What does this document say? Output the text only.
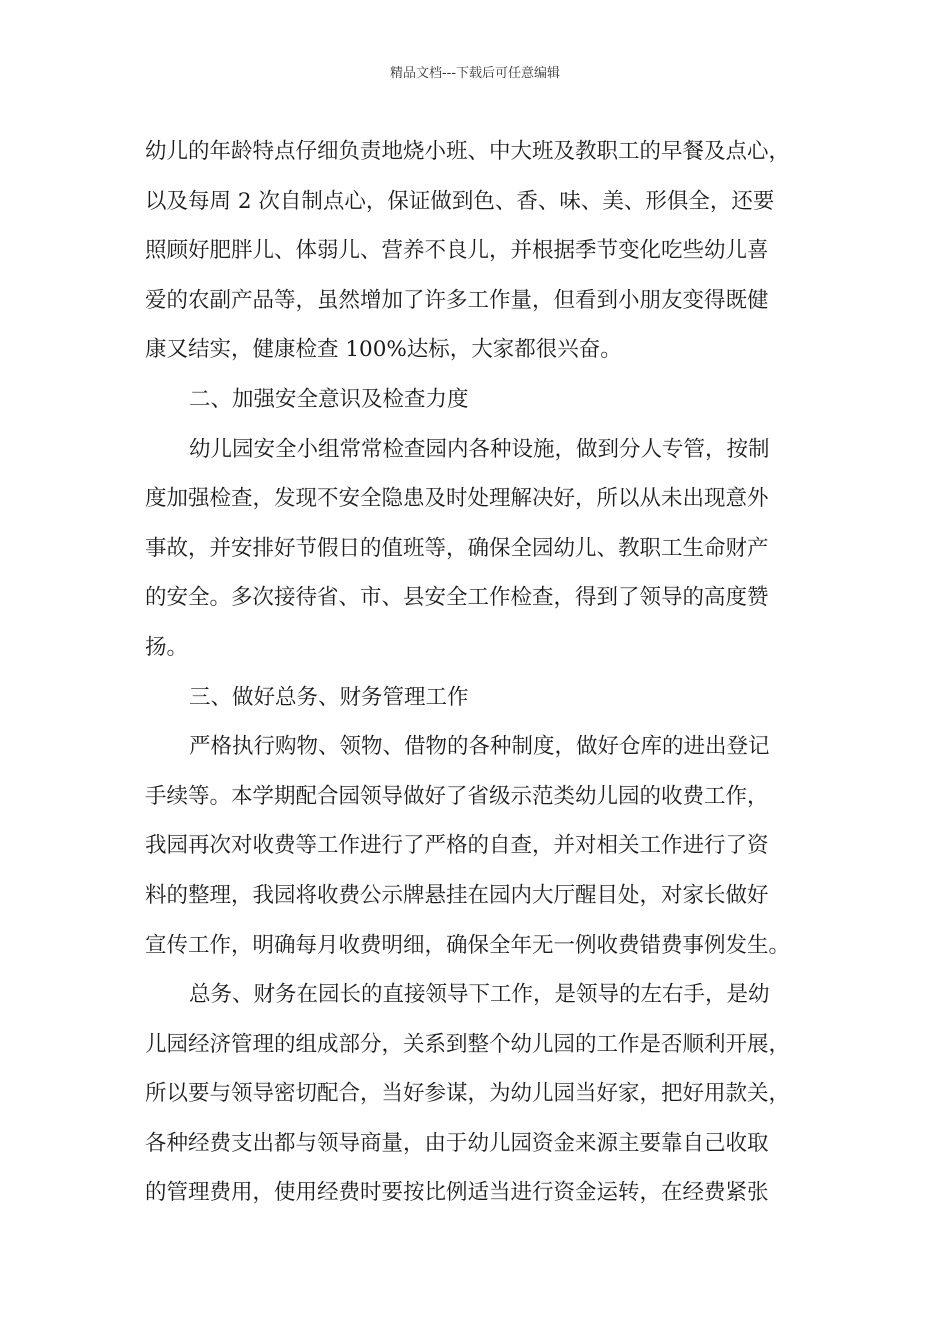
精品文档---下载后可任意编辑
幼儿的年龄特点仔细负责地烧小班、中大班及教职工的早餐及点心，
以及每周 2 次自制点心，保证做到色、香、味、美、形俱全，还要
照顾好肥胖儿、体弱儿、营养不良儿，并根据季节变化吃些幼儿喜
爱的农副产品等，虽然增加了许多工作量，但看到小朋友变得既健
康又结实，健康检查 100%达标，大家都很兴奋。
二、加强安全意识及检查力度
幼儿园安全小组常常检查园内各种设施，做到分人专管，按制
度加强检查，发现不安全隐患及时处理解决好，所以从未出现意外
事故，并安排好节假日的值班等，确保全园幼儿、教职工生命财产
的安全。多次接待省、市、县安全工作检查，得到了领导的高度赞
扬。
三、做好总务、财务管理工作
严格执行购物、领物、借物的各种制度，做好仓库的进出登记
手续等。本学期配合园领导做好了省级示范类幼儿园的收费工作，
我园再次对收费等工作进行了严格的自查，并对相关工作进行了资
料的整理，我园将收费公示牌悬挂在园内大厅醒目处，对家长做好
宣传工作，明确每月收费明细，确保全年无一例收费错费事例发生。
总务、财务在园长的直接领导下工作，是领导的左右手，是幼
儿园经济管理的组成部分，关系到整个幼儿园的工作是否顺利开展，
所以要与领导密切配合，当好参谋，为幼儿园当好家，把好用款关，
各种经费支出都与领导商量，由于幼儿园资金来源主要靠自己收取
的管理费用，使用经费时要按比例适当进行资金运转，在经费紧张
